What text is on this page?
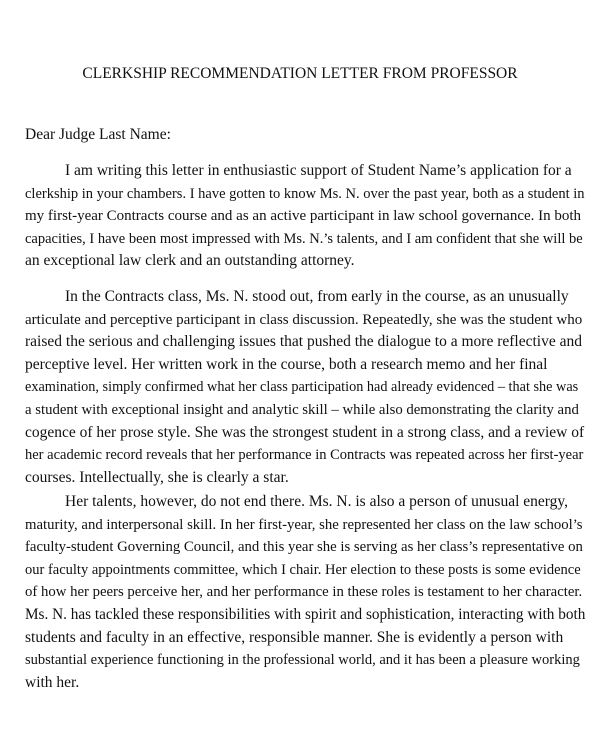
CLERKSHIP RECOMMENDATION LETTER FROM PROFESSOR
Dear Judge Last Name:
I am writing this letter in enthusiastic support of Student Name’s application for a
clerkship in your chambers. I have gotten to know Ms. N. over the past year, both as a student in
my first-year Contracts course and as an active participant in law school governance. In both
capacities, I have been most impressed with Ms. N.’s talents, and I am confident that she will be
an exceptional law clerk and an outstanding attorney.
In the Contracts class, Ms. N. stood out, from early in the course, as an unusually
articulate and perceptive participant in class discussion. Repeatedly, she was the student who
raised the serious and challenging issues that pushed the dialogue to a more reflective and
perceptive level. Her written work in the course, both a research memo and her final
examination, simply confirmed what her class participation had already evidenced – that she was
a student with exceptional insight and analytic skill – while also demonstrating the clarity and
cogence of her prose style. She was the strongest student in a strong class, and a review of
her academic record reveals that her performance in Contracts was repeated across her first-year
courses. Intellectually, she is clearly a star.
Her talents, however, do not end there. Ms. N. is also a person of unusual energy,
maturity, and interpersonal skill. In her first-year, she represented her class on the law school’s
faculty-student Governing Council, and this year she is serving as her class’s representative on
our faculty appointments committee, which I chair. Her election to these posts is some evidence
of how her peers perceive her, and her performance in these roles is testament to her character.
Ms. N. has tackled these responsibilities with spirit and sophistication, interacting with both
students and faculty in an effective, responsible manner. She is evidently a person with
substantial experience functioning in the professional world, and it has been a pleasure working
with her.
